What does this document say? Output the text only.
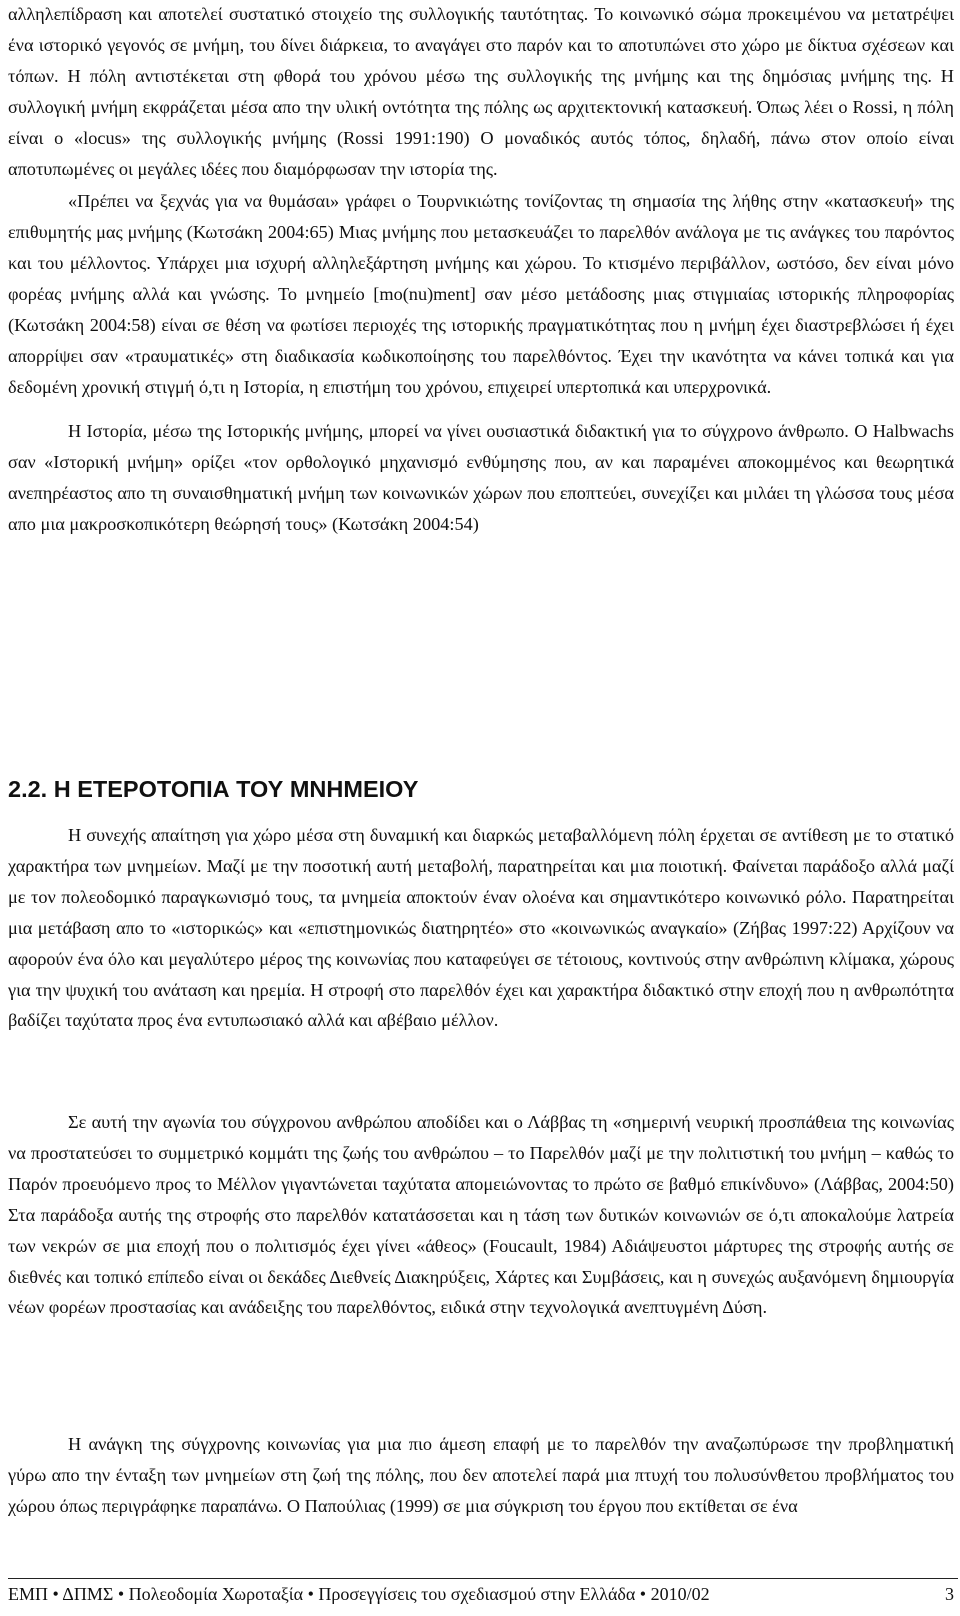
αλληλεπίδραση και αποτελεί συστατικό στοιχείο της συλλογικής ταυτότητας. Το κοινωνικό σώμα προκειμένου να μετατρέψει ένα ιστορικό γεγονός σε μνήμη, του δίνει διάρκεια, το αναγάγει στο παρόν και το αποτυπώνει στο χώρο με δίκτυα σχέσεων και τόπων. Η πόλη αντιστέκεται στη φθορά του χρόνου μέσω της συλλογικής της μνήμης και της δημόσιας μνήμης της. Η συλλογική μνήμη εκφράζεται μέσα απο την υλική οντότητα της πόλης ως αρχιτεκτονική κατασκευή. Όπως λέει ο Rossi, η πόλη είναι ο «locus» της συλλογικής μνήμης (Rossi 1991:190) Ο μοναδικός αυτός τόπος, δηλαδή, πάνω στον οποίο είναι αποτυπωμένες οι μεγάλες ιδέες που διαμόρφωσαν την ιστορία της.

«Πρέπει να ξεχνάς για να θυμάσαι» γράφει ο Τουρνικιώτης τονίζοντας τη σημασία της λήθης στην «κατασκευή» της επιθυμητής μας μνήμης (Κωτσάκη 2004:65) Μιας μνήμης που μετασκευάζει το παρελθόν ανάλογα με τις ανάγκες του παρόντος και του μέλλοντος. Υπάρχει μια ισχυρή αλληλεξάρτηση μνήμης και χώρου. Το κτισμένο περιβάλλον, ωστόσο, δεν είναι μόνο φορέας μνήμης αλλά και γνώσης. Το μνημείο [mo(nu)ment] σαν μέσο μετάδοσης μιας στιγμιαίας ιστορικής πληροφορίας (Κωτσάκη 2004:58) είναι σε θέση να φωτίσει περιοχές της ιστορικής πραγματικότητας που η μνήμη έχει διαστρεβλώσει ή έχει απορρίψει σαν «τραυματικές» στη διαδικασία κωδικοποίησης του παρελθόντος. Έχει την ικανότητα να κάνει τοπικά και για δεδομένη χρονική στιγμή ό,τι η Ιστορία, η επιστήμη του χρόνου, επιχειρεί υπερτοπικά και υπερχρονικά.

Η Ιστορία, μέσω της Ιστορικής μνήμης, μπορεί να γίνει ουσιαστικά διδακτική για το σύγχρονο άνθρωπο. Ο Halbwachs σαν «Ιστορική μνήμη» ορίζει «τον ορθολογικό μηχανισμό ενθύμησης που, αν και παραμένει αποκομμένος και θεωρητικά ανεπηρέαστος απο τη συναισθηματική μνήμη των κοινωνικών χώρων που εποπτεύει, συνεχίζει και μιλάει τη γλώσσα τους μέσα απο μια μακροσκοπικότερη θεώρησή τους» (Κωτσάκη 2004:54)

2.2. Η ΕΤΕΡΟΤΟΠΙΑ ΤΟΥ ΜΝΗΜΕΙΟΥ

Η συνεχής απαίτηση για χώρο μέσα στη δυναμική και διαρκώς μεταβαλλόμενη πόλη έρχεται σε αντίθεση με το στατικό χαρακτήρα των μνημείων. Μαζί με την ποσοτική αυτή μεταβολή, παρατηρείται και μια ποιοτική. Φαίνεται παράδοξο αλλά μαζί με τον πολεοδομικό παραγκωνισμό τους, τα μνημεία αποκτούν έναν ολοένα και σημαντικότερο κοινωνικό ρόλο. Παρατηρείται μια μετάβαση απο το «ιστορικώς» και «επιστημονικώς διατηρητέο» στο «κοινωνικώς αναγκαίο» (Ζήβας 1997:22) Αρχίζουν να αφορούν ένα όλο και μεγαλύτερο μέρος της κοινωνίας που καταφεύγει σε τέτοιους, κοντινούς στην ανθρώπινη κλίμακα, χώρους για την ψυχική του ανάταση και ηρεμία. Η στροφή στο παρελθόν έχει και χαρακτήρα διδακτικό στην εποχή που η ανθρωπότητα βαδίζει ταχύτατα προς ένα εντυπωσιακό αλλά και αβέβαιο μέλλον.

Σε αυτή την αγωνία του σύγχρονου ανθρώπου αποδίδει και ο Λάββας τη «σημερινή νευρική προσπάθεια της κοινωνίας να προστατεύσει το συμμετρικό κομμάτι της ζωής του ανθρώπου – το Παρελθόν μαζί με την πολιτιστική του μνήμη – καθώς το Παρόν προευόμενο προς το Μέλλον γιγαντώνεται ταχύτατα απομειώνοντας το πρώτο σε βαθμό επικίνδυνο» (Λάββας, 2004:50) Στα παράδοξα αυτής της στροφής στο παρελθόν κατατάσσεται και η τάση των δυτικών κοινωνιών σε ό,τι αποκαλούμε λατρεία των νεκρών σε μια εποχή που ο πολιτισμός έχει γίνει «άθεος» (Foucault, 1984) Αδιάψευστοι μάρτυρες της στροφής αυτής σε διεθνές και τοπικό επίπεδο είναι οι δεκάδες Διεθνείς Διακηρύξεις, Χάρτες και Συμβάσεις, και η συνεχώς αυξανόμενη δημιουργία νέων φορέων προστασίας και ανάδειξης του παρελθόντος, ειδικά στην τεχνολογικά ανεπτυγμένη Δύση.

Η ανάγκη της σύγχρονης κοινωνίας για μια πιο άμεση επαφή με το παρελθόν την αναζωπύρωσε την προβληματική γύρω απο την ένταξη των μνημείων στη ζωή της πόλης, που δεν αποτελεί παρά μια πτυχή του πολυσύνθετου προβλήματος του χώρου όπως περιγράφηκε παραπάνω. Ο Παπούλιας (1999) σε μια σύγκριση του έργου που εκτίθεται σε ένα

ΕΜΠ • ΔΠΜΣ • Πολεοδομία Χωροταξία • Προσεγγίσεις του σχεδιασμού στην Ελλάδα • 2010/02	3
